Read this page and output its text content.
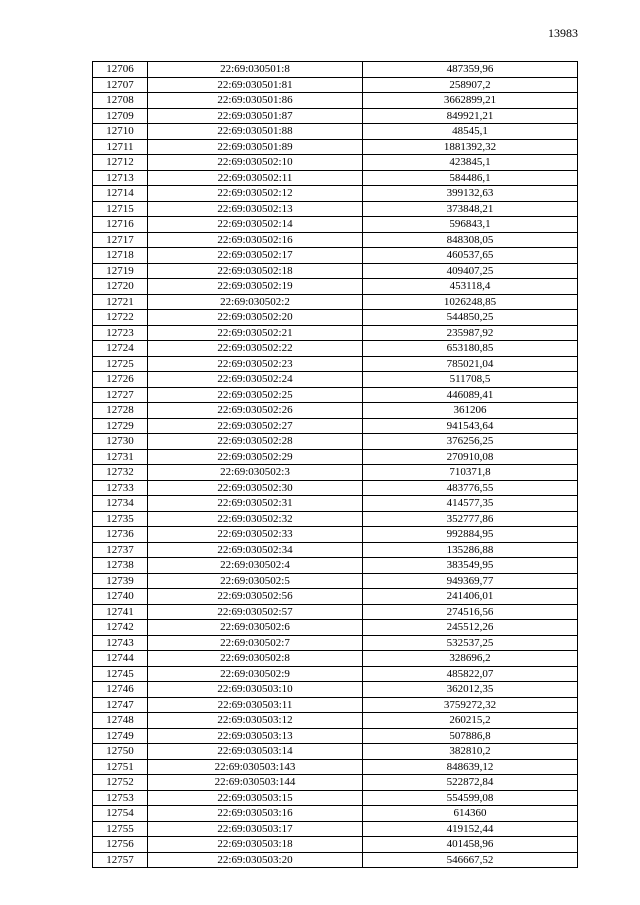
13983
12706	22:69:030501:8	487359,96
12707	22:69:030501:81	258907,2
12708	22:69:030501:86	3662899,21
12709	22:69:030501:87	849921,21
12710	22:69:030501:88	48545,1
12711	22:69:030501:89	1881392,32
12712	22:69:030502:10	423845,1
12713	22:69:030502:11	584486,1
12714	22:69:030502:12	399132,63
12715	22:69:030502:13	373848,21
12716	22:69:030502:14	596843,1
12717	22:69:030502:16	848308,05
12718	22:69:030502:17	460537,65
12719	22:69:030502:18	409407,25
12720	22:69:030502:19	453118,4
12721	22:69:030502:2	1026248,85
12722	22:69:030502:20	544850,25
12723	22:69:030502:21	235987,92
12724	22:69:030502:22	653180,85
12725	22:69:030502:23	785021,04
12726	22:69:030502:24	511708,5
12727	22:69:030502:25	446089,41
12728	22:69:030502:26	361206
12729	22:69:030502:27	941543,64
12730	22:69:030502:28	376256,25
12731	22:69:030502:29	270910,08
12732	22:69:030502:3	710371,8
12733	22:69:030502:30	483776,55
12734	22:69:030502:31	414577,35
12735	22:69:030502:32	352777,86
12736	22:69:030502:33	992884,95
12737	22:69:030502:34	135286,88
12738	22:69:030502:4	383549,95
12739	22:69:030502:5	949369,77
12740	22:69:030502:56	241406,01
12741	22:69:030502:57	274516,56
12742	22:69:030502:6	245512,26
12743	22:69:030502:7	532537,25
12744	22:69:030502:8	328696,2
12745	22:69:030502:9	485822,07
12746	22:69:030503:10	362012,35
12747	22:69:030503:11	3759272,32
12748	22:69:030503:12	260215,2
12749	22:69:030503:13	507886,8
12750	22:69:030503:14	382810,2
12751	22:69:030503:143	848639,12
12752	22:69:030503:144	522872,84
12753	22:69:030503:15	554599,08
12754	22:69:030503:16	614360
12755	22:69:030503:17	419152,44
12756	22:69:030503:18	401458,96
12757	22:69:030503:20	546667,52
